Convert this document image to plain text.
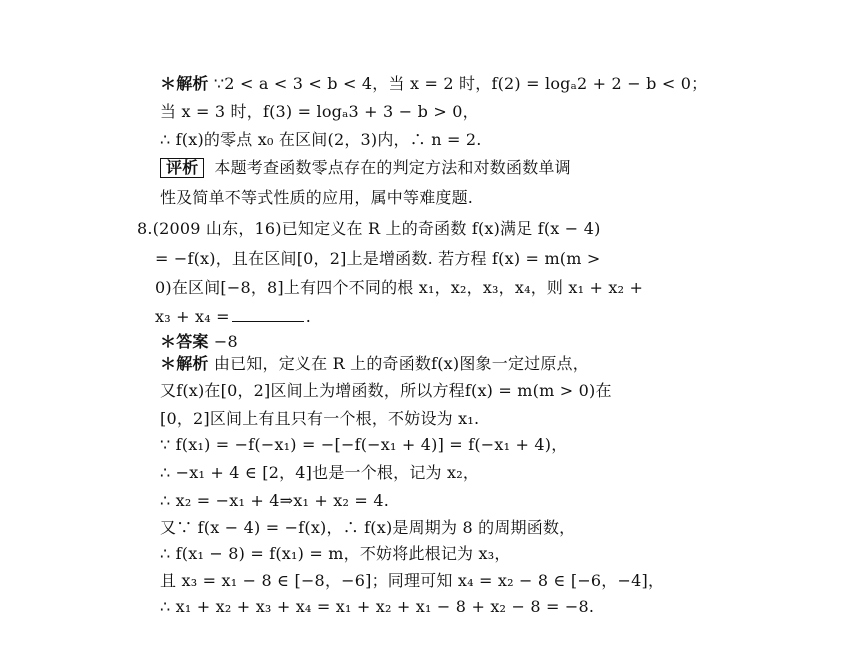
＊解析 ∵2 < a < 3 < b < 4，当 x = 2 时，f(2) = logₐ2 + 2 − b < 0；
当 x = 3 时，f(3) = logₐ3 + 3 − b > 0，
∴ f(x)的零点 x₀ 在区间(2，3)内，∴ n = 2.
评析 本题考查函数零点存在的判定方法和对数函数单调
性及简单不等式性质的应用，属中等难度题.
8.(2009 山东，16)已知定义在 R 上的奇函数 f(x)满足 f(x − 4)
= −f(x)，且在区间[0，2]上是增函数. 若方程 f(x) = m(m >
0)在区间[−8，8]上有四个不同的根 x₁，x₂，x₃，x₄，则 x₁ + x₂ +
x₃ + x₄ =	.
＊答案 −8
＊解析 由已知，定义在 R 上的奇函数f(x)图象一定过原点，
又f(x)在[0，2]区间上为增函数，所以方程f(x) = m(m > 0)在
[0，2]区间上有且只有一个根，不妨设为 x₁.
∵ f(x₁) = −f(−x₁) = −[−f(−x₁ + 4)] = f(−x₁ + 4)，
∴ −x₁ + 4 ∈ [2，4]也是一个根，记为 x₂，
∴ x₂ = −x₁ + 4⇒x₁ + x₂ = 4.
又∵ f(x − 4) = −f(x)，∴ f(x)是周期为 8 的周期函数，
∴ f(x₁ − 8) = f(x₁) = m，不妨将此根记为 x₃，
且 x₃ = x₁ − 8 ∈ [−8，−6]；同理可知 x₄ = x₂ − 8 ∈ [−6，−4]，
∴ x₁ + x₂ + x₃ + x₄ = x₁ + x₂ + x₁ − 8 + x₂ − 8 = −8.
